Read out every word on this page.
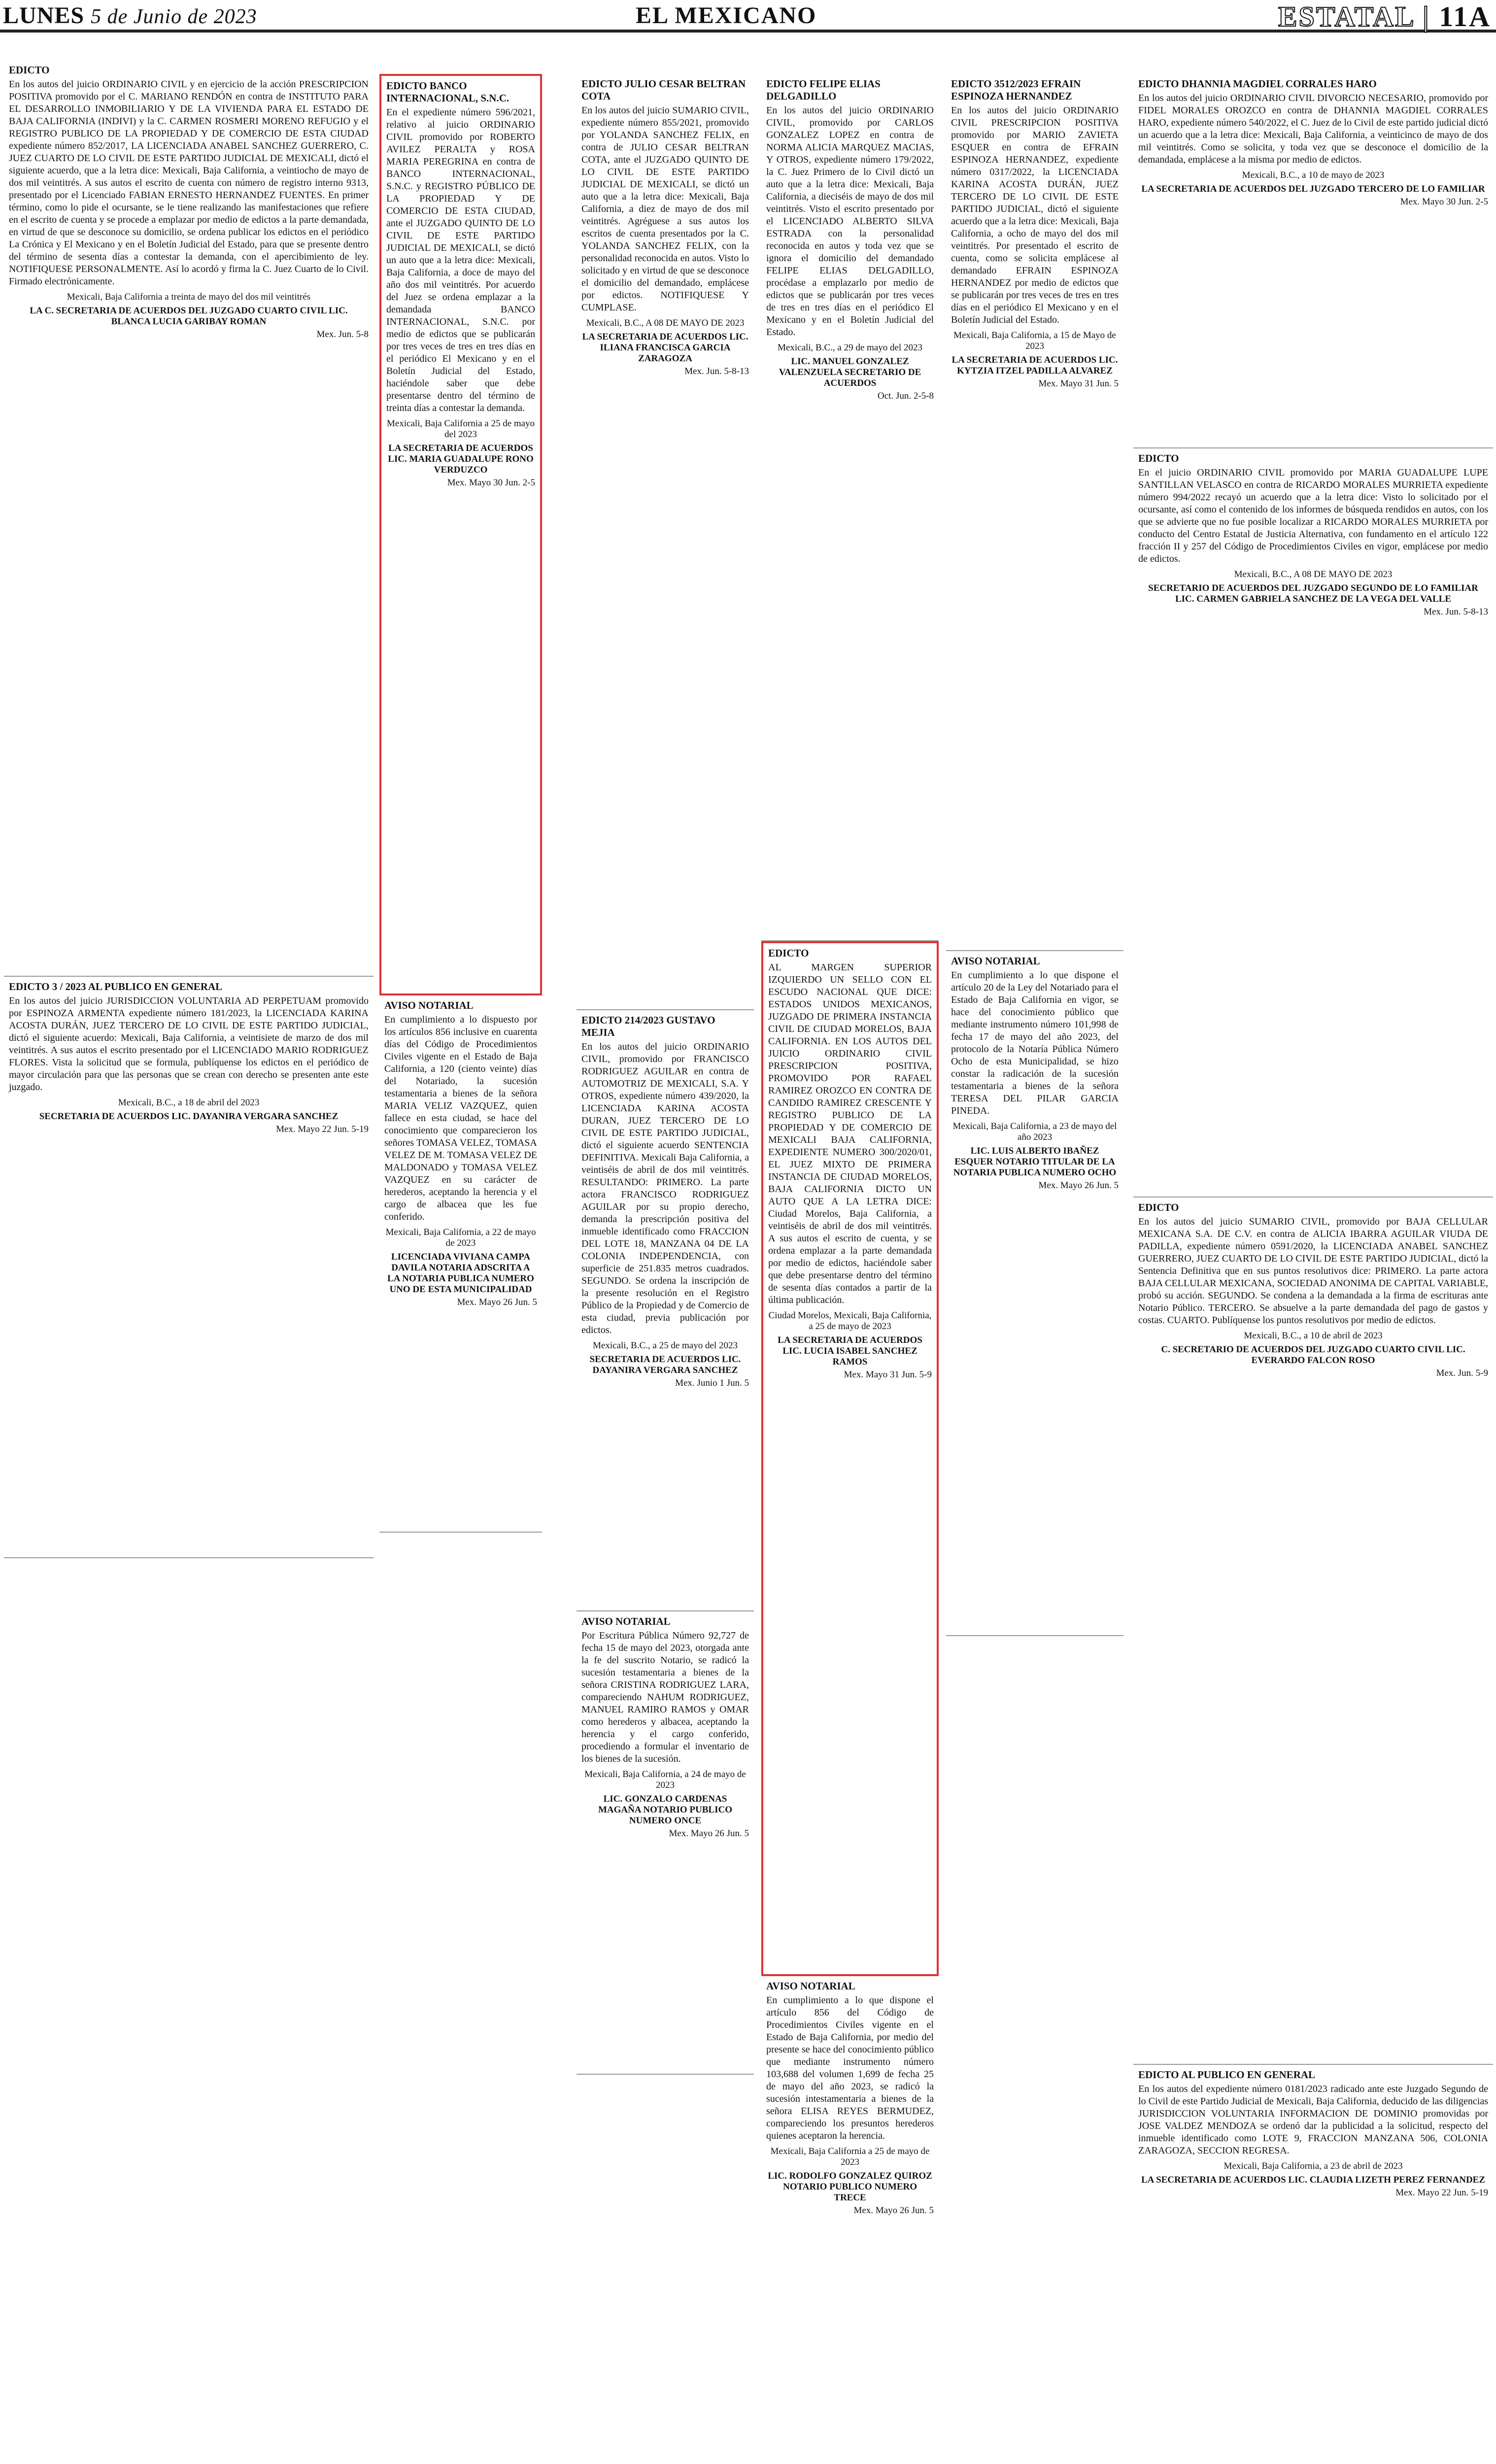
LUNES 5 de Junio de 2023	EL MEXICANO	ESTATAL | 11A
EDICTO
En los autos del juicio ORDINARIO CIVIL y en ejercicio de la acción PRESCRIPCION POSITIVA promovido por el C. MARIANO RENDÓN en contra de INSTITUTO PARA EL DESARROLLO INMOBILIARIO Y DE LA VIVIENDA PARA EL ESTADO DE BAJA CALIFORNIA (INDIVI) y la C. CARMEN ROSMERI MORENO REFUGIO y el REGISTRO PUBLICO DE LA PROPIEDAD Y DE COMERCIO DE ESTA CIUDAD expediente número 852/2017, LA LICENCIADA ANABEL SANCHEZ GUERRERO, C. JUEZ CUARTO DE LO CIVIL DE ESTE PARTIDO JUDICIAL DE MEXICALI, dictó el siguiente acuerdo, que a la letra dice: Mexicali, Baja California, a veintiocho de mayo de dos mil veintitrés. A sus autos el escrito de cuenta con número de registro interno 9313, presentado por el Licenciado FABIAN ERNESTO HERNANDEZ FUENTES. En primer término, como lo pide el ocursante, se le tiene realizando las manifestaciones que refiere en el escrito de cuenta y se procede a emplazar por medio de edictos a la parte demandada, en virtud de que se desconoce su domicilio, se ordena publicar los edictos en el periódico La Crónica y El Mexicano y en el Boletín Judicial del Estado, para que se presente dentro del término de sesenta días a contestar la demanda, con el apercibimiento de ley. NOTIFIQUESE PERSONALMENTE. Así lo acordó y firma la C. Juez Cuarto de lo Civil. Firmado electrónicamente.
Mexicali, Baja California a treinta de mayo del dos mil veintitrés
LA C. SECRETARIA DE ACUERDOS DEL JUZGADO CUARTO CIVIL LIC. BLANCA LUCIA GARIBAY ROMAN
Mex. Jun. 5-8
EDICTO 3 / 2023 AL PUBLICO EN GENERAL
En los autos del juicio JURISDICCION VOLUNTARIA AD PERPETUAM promovido por ESPINOZA ARMENTA expediente número 181/2023, la LICENCIADA KARINA ACOSTA DURÁN, JUEZ TERCERO DE LO CIVIL DE ESTE PARTIDO JUDICIAL, dictó el siguiente acuerdo: Mexicali, Baja California, a veintisiete de marzo de dos mil veintitrés. A sus autos el escrito presentado por el LICENCIADO MARIO RODRIGUEZ FLORES. Vista la solicitud que se formula, publíquense los edictos en el periódico de mayor circulación para que las personas que se crean con derecho se presenten ante este juzgado.
Mexicali, B.C., a 18 de abril del 2023
SECRETARIA DE ACUERDOS LIC. DAYANIRA VERGARA SANCHEZ
Mex. Mayo 22 Jun. 5-19
EDICTO BANCO INTERNACIONAL, S.N.C.
En el expediente número 596/2021, relativo al juicio ORDINARIO CIVIL promovido por ROBERTO AVILEZ PERALTA y ROSA MARIA PEREGRINA en contra de BANCO INTERNACIONAL, S.N.C. y REGISTRO PÚBLICO DE LA PROPIEDAD Y DE COMERCIO DE ESTA CIUDAD, ante el JUZGADO QUINTO DE LO CIVIL DE ESTE PARTIDO JUDICIAL DE MEXICALI, se dictó un auto que a la letra dice: Mexicali, Baja California, a doce de mayo del año dos mil veintitrés. Por acuerdo del Juez se ordena emplazar a la demandada BANCO INTERNACIONAL, S.N.C. por medio de edictos que se publicarán por tres veces de tres en tres días en el periódico El Mexicano y en el Boletín Judicial del Estado, haciéndole saber que debe presentarse dentro del término de treinta días a contestar la demanda.
Mexicali, Baja California a 25 de mayo del 2023
LA SECRETARIA DE ACUERDOS LIC. MARIA GUADALUPE RONO VERDUZCO
Mex. Mayo 30 Jun. 2-5
AVISO NOTARIAL
En cumplimiento a lo dispuesto por los artículos 856 inclusive en cuarenta días del Código de Procedimientos Civiles vigente en el Estado de Baja California, a 120 (ciento veinte) días del Notariado, la sucesión testamentaria a bienes de la señora MARIA VELIZ VAZQUEZ, quien fallece en esta ciudad, se hace del conocimiento que comparecieron los señores TOMASA VELEZ, TOMASA VELEZ DE M. TOMASA VELEZ DE MALDONADO y TOMASA VELEZ VAZQUEZ en su carácter de herederos, aceptando la herencia y el cargo de albacea que les fue conferido.
Mexicali, Baja California, a 22 de mayo de 2023
LICENCIADA VIVIANA CAMPA DAVILA NOTARIA ADSCRITA A LA NOTARIA PUBLICA NUMERO UNO DE ESTA MUNICIPALIDAD
Mex. Mayo 26 Jun. 5
EDICTO JULIO CESAR BELTRAN COTA
En los autos del juicio SUMARIO CIVIL, expediente número 855/2021, promovido por YOLANDA SANCHEZ FELIX, en contra de JULIO CESAR BELTRAN COTA, ante el JUZGADO QUINTO DE LO CIVIL DE ESTE PARTIDO JUDICIAL DE MEXICALI, se dictó un auto que a la letra dice: Mexicali, Baja California, a diez de mayo de dos mil veintitrés. Agréguese a sus autos los escritos de cuenta presentados por la C. YOLANDA SANCHEZ FELIX, con la personalidad reconocida en autos. Visto lo solicitado y en virtud de que se desconoce el domicilio del demandado, emplácese por edictos. NOTIFIQUESE Y CUMPLASE.
Mexicali, B.C., A 08 DE MAYO DE 2023
LA SECRETARIA DE ACUERDOS LIC. ILIANA FRANCISCA GARCIA ZARAGOZA
Mex. Jun. 5-8-13
EDICTO 214/2023 GUSTAVO MEJIA
En los autos del juicio ORDINARIO CIVIL, promovido por FRANCISCO RODRIGUEZ AGUILAR en contra de AUTOMOTRIZ DE MEXICALI, S.A. Y OTROS, expediente número 439/2020, la LICENCIADA KARINA ACOSTA DURAN, JUEZ TERCERO DE LO CIVIL DE ESTE PARTIDO JUDICIAL, dictó el siguiente acuerdo SENTENCIA DEFINITIVA. Mexicali Baja California, a veintiséis de abril de dos mil veintitrés. RESULTANDO: PRIMERO. La parte actora FRANCISCO RODRIGUEZ AGUILAR por su propio derecho, demanda la prescripción positiva del inmueble identificado como FRACCION DEL LOTE 18, MANZANA 04 DE LA COLONIA INDEPENDENCIA, con superficie de 251.835 metros cuadrados. SEGUNDO. Se ordena la inscripción de la presente resolución en el Registro Público de la Propiedad y de Comercio de esta ciudad, previa publicación por edictos.
Mexicali, B.C., a 25 de mayo del 2023
SECRETARIA DE ACUERDOS LIC. DAYANIRA VERGARA SANCHEZ
Mex. Junio 1 Jun. 5
AVISO NOTARIAL
Por Escritura Pública Número 92,727 de fecha 15 de mayo del 2023, otorgada ante la fe del suscrito Notario, se radicó la sucesión testamentaria a bienes de la señora CRISTINA RODRIGUEZ LARA, compareciendo NAHUM RODRIGUEZ, MANUEL RAMIRO RAMOS y OMAR como herederos y albacea, aceptando la herencia y el cargo conferido, procediendo a formular el inventario de los bienes de la sucesión.
Mexicali, Baja California, a 24 de mayo de 2023
LIC. GONZALO CARDENAS MAGAÑA NOTARIO PUBLICO NUMERO ONCE
Mex. Mayo 26 Jun. 5
EDICTO FELIPE ELIAS DELGADILLO
En los autos del juicio ORDINARIO CIVIL, promovido por CARLOS GONZALEZ LOPEZ en contra de NORMA ALICIA MARQUEZ MACIAS, Y OTROS, expediente número 179/2022, la C. Juez Primero de lo Civil dictó un auto que a la letra dice: Mexicali, Baja California, a dieciséis de mayo de dos mil veintitrés. Visto el escrito presentado por el LICENCIADO ALBERTO SILVA ESTRADA con la personalidad reconocida en autos y toda vez que se ignora el domicilio del demandado FELIPE ELIAS DELGADILLO, procédase a emplazarlo por medio de edictos que se publicarán por tres veces de tres en tres días en el periódico El Mexicano y en el Boletín Judicial del Estado.
Mexicali, B.C., a 29 de mayo del 2023
LIC. MANUEL GONZALEZ VALENZUELA SECRETARIO DE ACUERDOS
Oct. Jun. 2-5-8
EDICTO
AL MARGEN SUPERIOR IZQUIERDO UN SELLO CON EL ESCUDO NACIONAL QUE DICE: ESTADOS UNIDOS MEXICANOS, JUZGADO DE PRIMERA INSTANCIA CIVIL DE CIUDAD MORELOS, BAJA CALIFORNIA. EN LOS AUTOS DEL JUICIO ORDINARIO CIVIL PRESCRIPCION POSITIVA, PROMOVIDO POR RAFAEL RAMIREZ OROZCO EN CONTRA DE CANDIDO RAMIREZ CRESCENTE Y REGISTRO PUBLICO DE LA PROPIEDAD Y DE COMERCIO DE MEXICALI BAJA CALIFORNIA, EXPEDIENTE NUMERO 300/2020/01, EL JUEZ MIXTO DE PRIMERA INSTANCIA DE CIUDAD MORELOS, BAJA CALIFORNIA DICTO UN AUTO QUE A LA LETRA DICE: Ciudad Morelos, Baja California, a veintiséis de abril de dos mil veintitrés. A sus autos el escrito de cuenta, y se ordena emplazar a la parte demandada por medio de edictos, haciéndole saber que debe presentarse dentro del término de sesenta días contados a partir de la última publicación.
Ciudad Morelos, Mexicali, Baja California, a 25 de mayo de 2023
LA SECRETARIA DE ACUERDOS LIC. LUCIA ISABEL SANCHEZ RAMOS
Mex. Mayo 31 Jun. 5-9
AVISO NOTARIAL
En cumplimiento a lo que dispone el artículo 856 del Código de Procedimientos Civiles vigente en el Estado de Baja California, por medio del presente se hace del conocimiento público que mediante instrumento número 103,688 del volumen 1,699 de fecha 25 de mayo del año 2023, se radicó la sucesión intestamentaria a bienes de la señora ELISA REYES BERMUDEZ, compareciendo los presuntos herederos quienes aceptaron la herencia.
Mexicali, Baja California a 25 de mayo de 2023
LIC. RODOLFO GONZALEZ QUIROZ NOTARIO PUBLICO NUMERO TRECE
Mex. Mayo 26 Jun. 5
EDICTO 3512/2023 EFRAIN ESPINOZA HERNANDEZ
En los autos del juicio ORDINARIO CIVIL PRESCRIPCION POSITIVA promovido por MARIO ZAVIETA ESQUER en contra de EFRAIN ESPINOZA HERNANDEZ, expediente número 0317/2022, la LICENCIADA KARINA ACOSTA DURÁN, JUEZ TERCERO DE LO CIVIL DE ESTE PARTIDO JUDICIAL, dictó el siguiente acuerdo que a la letra dice: Mexicali, Baja California, a ocho de mayo del dos mil veintitrés. Por presentado el escrito de cuenta, como se solicita emplácese al demandado EFRAIN ESPINOZA HERNANDEZ por medio de edictos que se publicarán por tres veces de tres en tres días en el periódico El Mexicano y en el Boletín Judicial del Estado.
Mexicali, Baja California, a 15 de Mayo de 2023
LA SECRETARIA DE ACUERDOS LIC. KYTZIA ITZEL PADILLA ALVAREZ
Mex. Mayo 31 Jun. 5
AVISO NOTARIAL
En cumplimiento a lo que dispone el artículo 20 de la Ley del Notariado para el Estado de Baja California en vigor, se hace del conocimiento público que mediante instrumento número 101,998 de fecha 17 de mayo del año 2023, del protocolo de la Notaría Pública Número Ocho de esta Municipalidad, se hizo constar la radicación de la sucesión testamentaria a bienes de la señora TERESA DEL PILAR GARCIA PINEDA.
Mexicali, Baja California, a 23 de mayo del año 2023
LIC. LUIS ALBERTO IBAÑEZ ESQUER NOTARIO TITULAR DE LA NOTARIA PUBLICA NUMERO OCHO
Mex. Mayo 26 Jun. 5
EDICTO DHANNIA MAGDIEL CORRALES HARO
En los autos del juicio ORDINARIO CIVIL DIVORCIO NECESARIO, promovido por FIDEL MORALES OROZCO en contra de DHANNIA MAGDIEL CORRALES HARO, expediente número 540/2022, el C. Juez de lo Civil de este partido judicial dictó un acuerdo que a la letra dice: Mexicali, Baja California, a veinticinco de mayo de dos mil veintitrés. Como se solicita, y toda vez que se desconoce el domicilio de la demandada, emplácese a la misma por medio de edictos.
Mexicali, B.C., a 10 de mayo de 2023
LA SECRETARIA DE ACUERDOS DEL JUZGADO TERCERO DE LO FAMILIAR
Mex. Mayo 30 Jun. 2-5
EDICTO
En el juicio ORDINARIO CIVIL promovido por MARIA GUADALUPE LUPE SANTILLAN VELASCO en contra de RICARDO MORALES MURRIETA expediente número 994/2022 recayó un acuerdo que a la letra dice: Visto lo solicitado por el ocursante, así como el contenido de los informes de búsqueda rendidos en autos, con los que se advierte que no fue posible localizar a RICARDO MORALES MURRIETA por conducto del Centro Estatal de Justicia Alternativa, con fundamento en el artículo 122 fracción II y 257 del Código de Procedimientos Civiles en vigor, emplácese por medio de edictos.
Mexicali, B.C., A 08 DE MAYO DE 2023
SECRETARIO DE ACUERDOS DEL JUZGADO SEGUNDO DE LO FAMILIAR LIC. CARMEN GABRIELA SANCHEZ DE LA VEGA DEL VALLE
Mex. Jun. 5-8-13
EDICTO
En los autos del juicio SUMARIO CIVIL, promovido por BAJA CELLULAR MEXICANA S.A. DE C.V. en contra de ALICIA IBARRA AGUILAR VIUDA DE PADILLA, expediente número 0591/2020, la LICENCIADA ANABEL SANCHEZ GUERRERO, JUEZ CUARTO DE LO CIVIL DE ESTE PARTIDO JUDICIAL, dictó la Sentencia Definitiva que en sus puntos resolutivos dice: PRIMERO. La parte actora BAJA CELLULAR MEXICANA, SOCIEDAD ANONIMA DE CAPITAL VARIABLE, probó su acción. SEGUNDO. Se condena a la demandada a la firma de escrituras ante Notario Público. TERCERO. Se absuelve a la parte demandada del pago de gastos y costas. CUARTO. Publíquense los puntos resolutivos por medio de edictos.
Mexicali, B.C., a 10 de abril de 2023
C. SECRETARIO DE ACUERDOS DEL JUZGADO CUARTO CIVIL LIC. EVERARDO FALCON ROSO
Mex. Jun. 5-9
EDICTO AL PUBLICO EN GENERAL
En los autos del expediente número 0181/2023 radicado ante este Juzgado Segundo de lo Civil de este Partido Judicial de Mexicali, Baja California, deducido de las diligencias JURISDICCION VOLUNTARIA INFORMACION DE DOMINIO promovidas por JOSE VALDEZ MENDOZA se ordenó dar la publicidad a la solicitud, respecto del inmueble identificado como LOTE 9, FRACCION MANZANA 506, COLONIA ZARAGOZA, SECCION REGRESA.
Mexicali, Baja California, a 23 de abril de 2023
LA SECRETARIA DE ACUERDOS LIC. CLAUDIA LIZETH PEREZ FERNANDEZ
Mex. Mayo 22 Jun. 5-19
